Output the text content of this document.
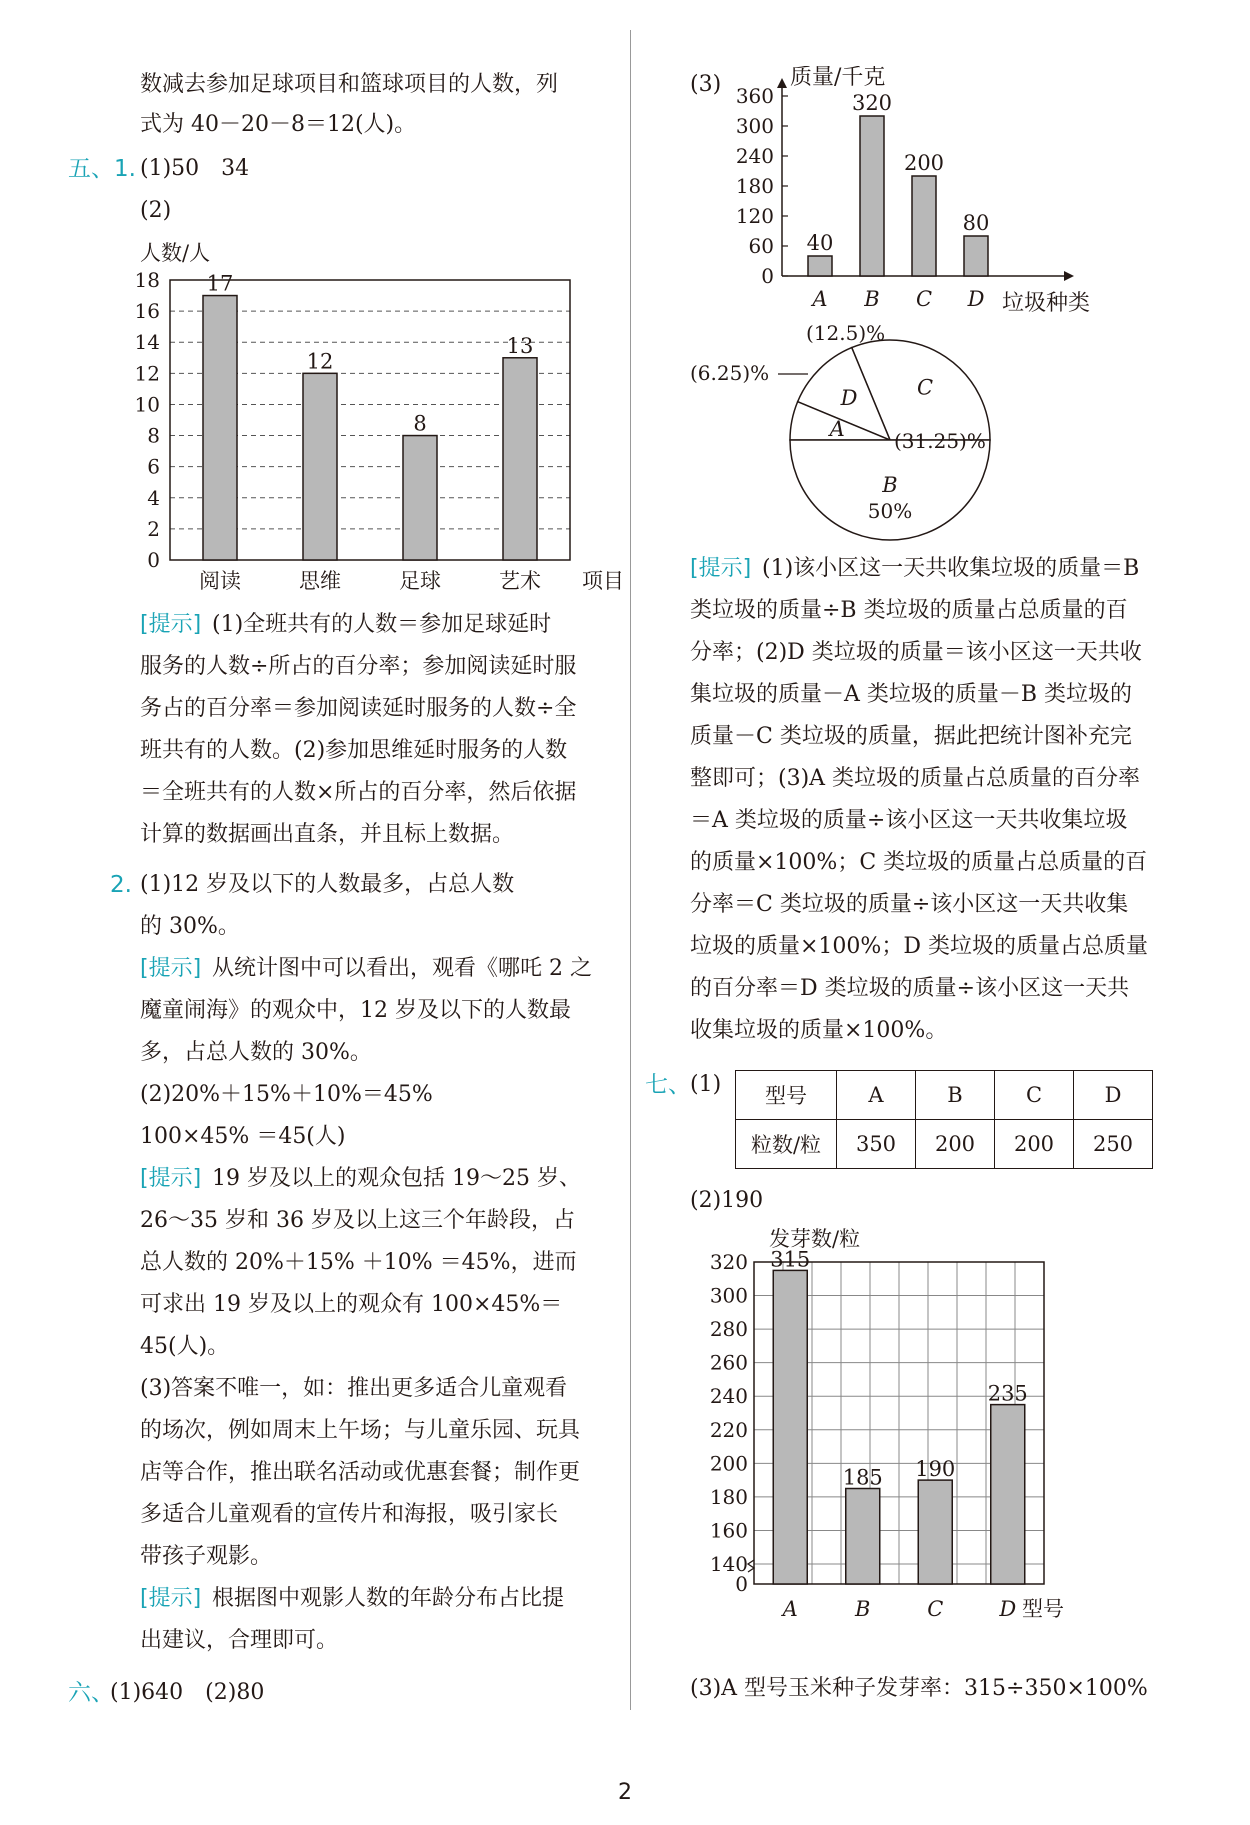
数减去参加足球项目和篮球项目的人数，列
式为 40－20－8＝12(人)。
五、1. (1)50　34
(2)
人数/人
0
2
4
6
8
10
12
14
16
18 17
阅读
12
思维
8
足球
13
艺术 项目
[提示] (1)全班共有的人数＝参加足球延时
服务的人数÷所占的百分率；参加阅读延时服
务占的百分率＝参加阅读延时服务的人数÷全
班共有的人数。(2)参加思维延时服务的人数
＝全班共有的人数×所占的百分率，然后依据
计算的数据画出直条，并且标上数据。
2. (1)12 岁及以下的人数最多，占总人数
的 30%。
[提示] 从统计图中可以看出，观看《哪吒 2 之
魔童闹海》的观众中，12 岁及以下的人数最
多，占总人数的 30%。
(2)20%＋15%＋10%＝45%
100×45% ＝45(人)
[提示] 19 岁及以上的观众包括 19～25 岁、
26～35 岁和 36 岁及以上这三个年龄段，占
总人数的 20%＋15% ＋10% ＝45%，进而
可求出 19 岁及以上的观众有 100×45%＝
45(人)。
(3)答案不唯一，如：推出更多适合儿童观看
的场次，例如周末上午场；与儿童乐园、玩具
店等合作，推出联名活动或优惠套餐；制作更
多适合儿童观看的宣传片和海报，吸引家长
带孩子观影。
[提示] 根据图中观影人数的年龄分布占比提
出建议，合理即可。
六、
(1)640　(2)80
(3)	质量/千克
0
60
120
180
240
300
360
40
A
320
B
200
C
80
D 垃圾种类
C
D
A
B
50%
(31.25)%
(6.25)%
(12.5)%
[提示] (1)该小区这一天共收集垃圾的质量＝B
类垃圾的质量÷B 类垃圾的质量占总质量的百
分率；(2)D 类垃圾的质量＝该小区这一天共收
集垃圾的质量－A 类垃圾的质量－B 类垃圾的
质量－C 类垃圾的质量，据此把统计图补充完
整即可；(3)A 类垃圾的质量占总质量的百分率
＝A 类垃圾的质量÷该小区这一天共收集垃圾
的质量×100%；C 类垃圾的质量占总质量的百
分率＝C 类垃圾的质量÷该小区这一天共收集
垃圾的质量×100%；D 类垃圾的质量占总质量
的百分率＝D 类垃圾的质量÷该小区这一天共
收集垃圾的质量×100%。
七、 (1) 型号	A	B	C	D
粒数/粒	350	200	200	250
(2)190
发芽数/粒
0
140
160
180
200
220
240
260
280
300
320 315
A
185
B
190
C
235
D 型号
(3)A 型号玉米种子发芽率：315÷350×100%
2
